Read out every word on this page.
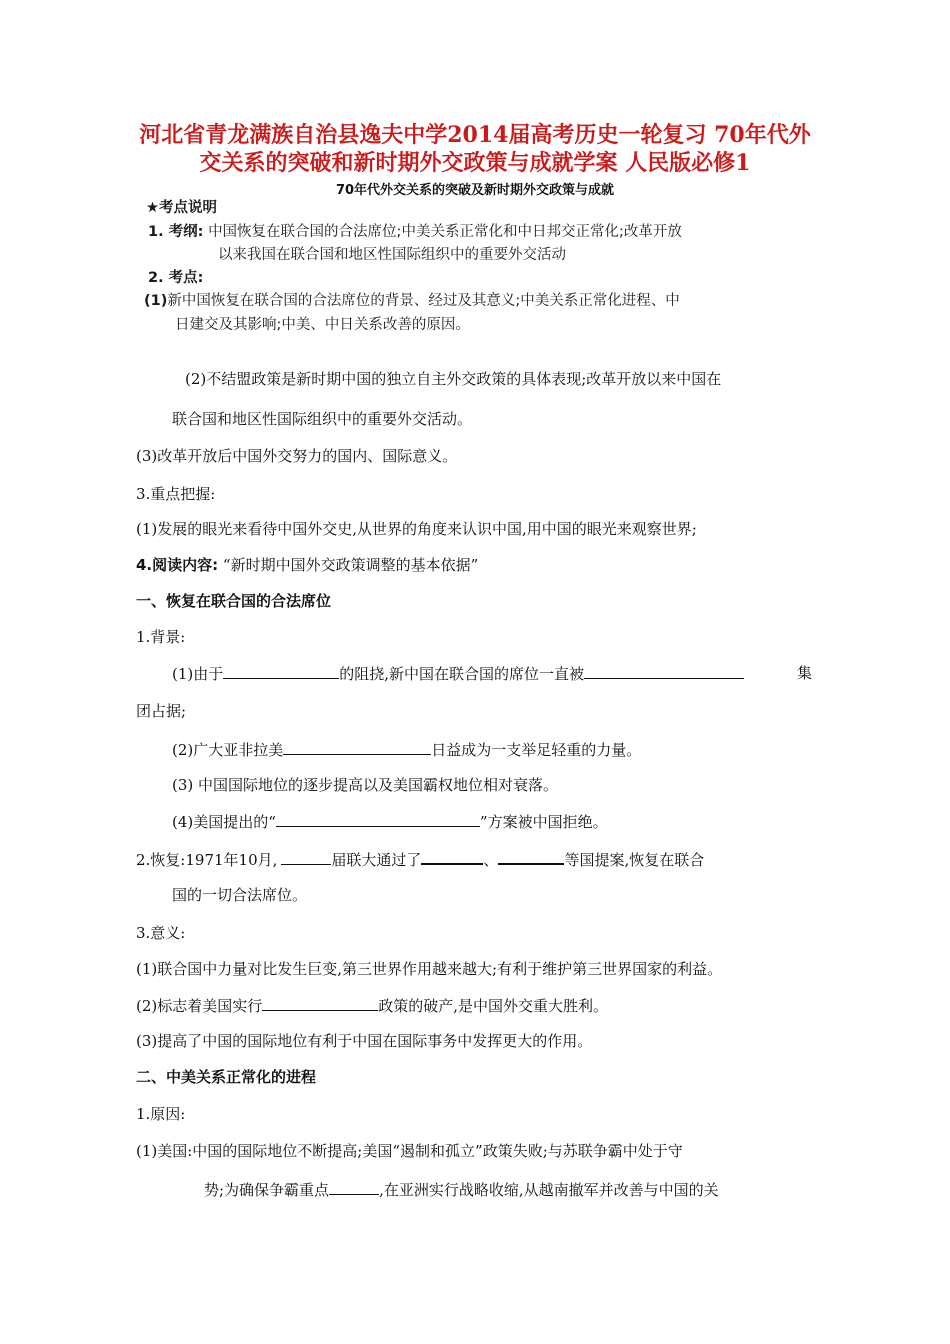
河北省青龙满族自治县逸夫中学2014届高考历史一轮复习 70年代外
交关系的突破和新时期外交政策与成就学案 人民版必修1
70年代外交关系的突破及新时期外交政策与成就
★考点说明
1. 考纲: 中国恢复在联合国的合法席位;中美关系正常化和中日邦交正常化;改革开放
以来我国在联合国和地区性国际组织中的重要外交活动
2. 考点:
(1)新中国恢复在联合国的合法席位的背景、经过及其意义;中美关系正常化进程、中
日建交及其影响;中美、中日关系改善的原因。
(2)不结盟政策是新时期中国的独立自主外交政策的具体表现;改革开放以来中国在
联合国和地区性国际组织中的重要外交活动。
(3)改革开放后中国外交努力的国内、国际意义。
3.重点把握:
(1)发展的眼光来看待中国外交史,从世界的角度来认识中国,用中国的眼光来观察世界;
4.阅读内容: “新时期中国外交政策调整的基本依据”
一、恢复在联合国的合法席位
1.背景:
(1)由于	的阻挠,新中国在联合国的席位一直被	集
团占据;
(2)广大亚非拉美	日益成为一支举足轻重的力量。
(3) 中国国际地位的逐步提高以及美国霸权地位相对衰落。
(4)美国提出的“	”方案被中国拒绝。
2.恢复:1971年10月,	届联大通过了	、	等国提案,恢复在联合
国的一切合法席位。
3.意义:
(1)联合国中力量对比发生巨变,第三世界作用越来越大;有利于维护第三世界国家的利益。
(2)标志着美国实行	政策的破产,是中国外交重大胜利。
(3)提高了中国的国际地位有利于中国在国际事务中发挥更大的作用。
二、中美关系正常化的进程
1.原因:
(1)美国:中国的国际地位不断提高;美国“遏制和孤立”政策失败;与苏联争霸中处于守
势;为确保争霸重点	,在亚洲实行战略收缩,从越南撤军并改善与中国的关
